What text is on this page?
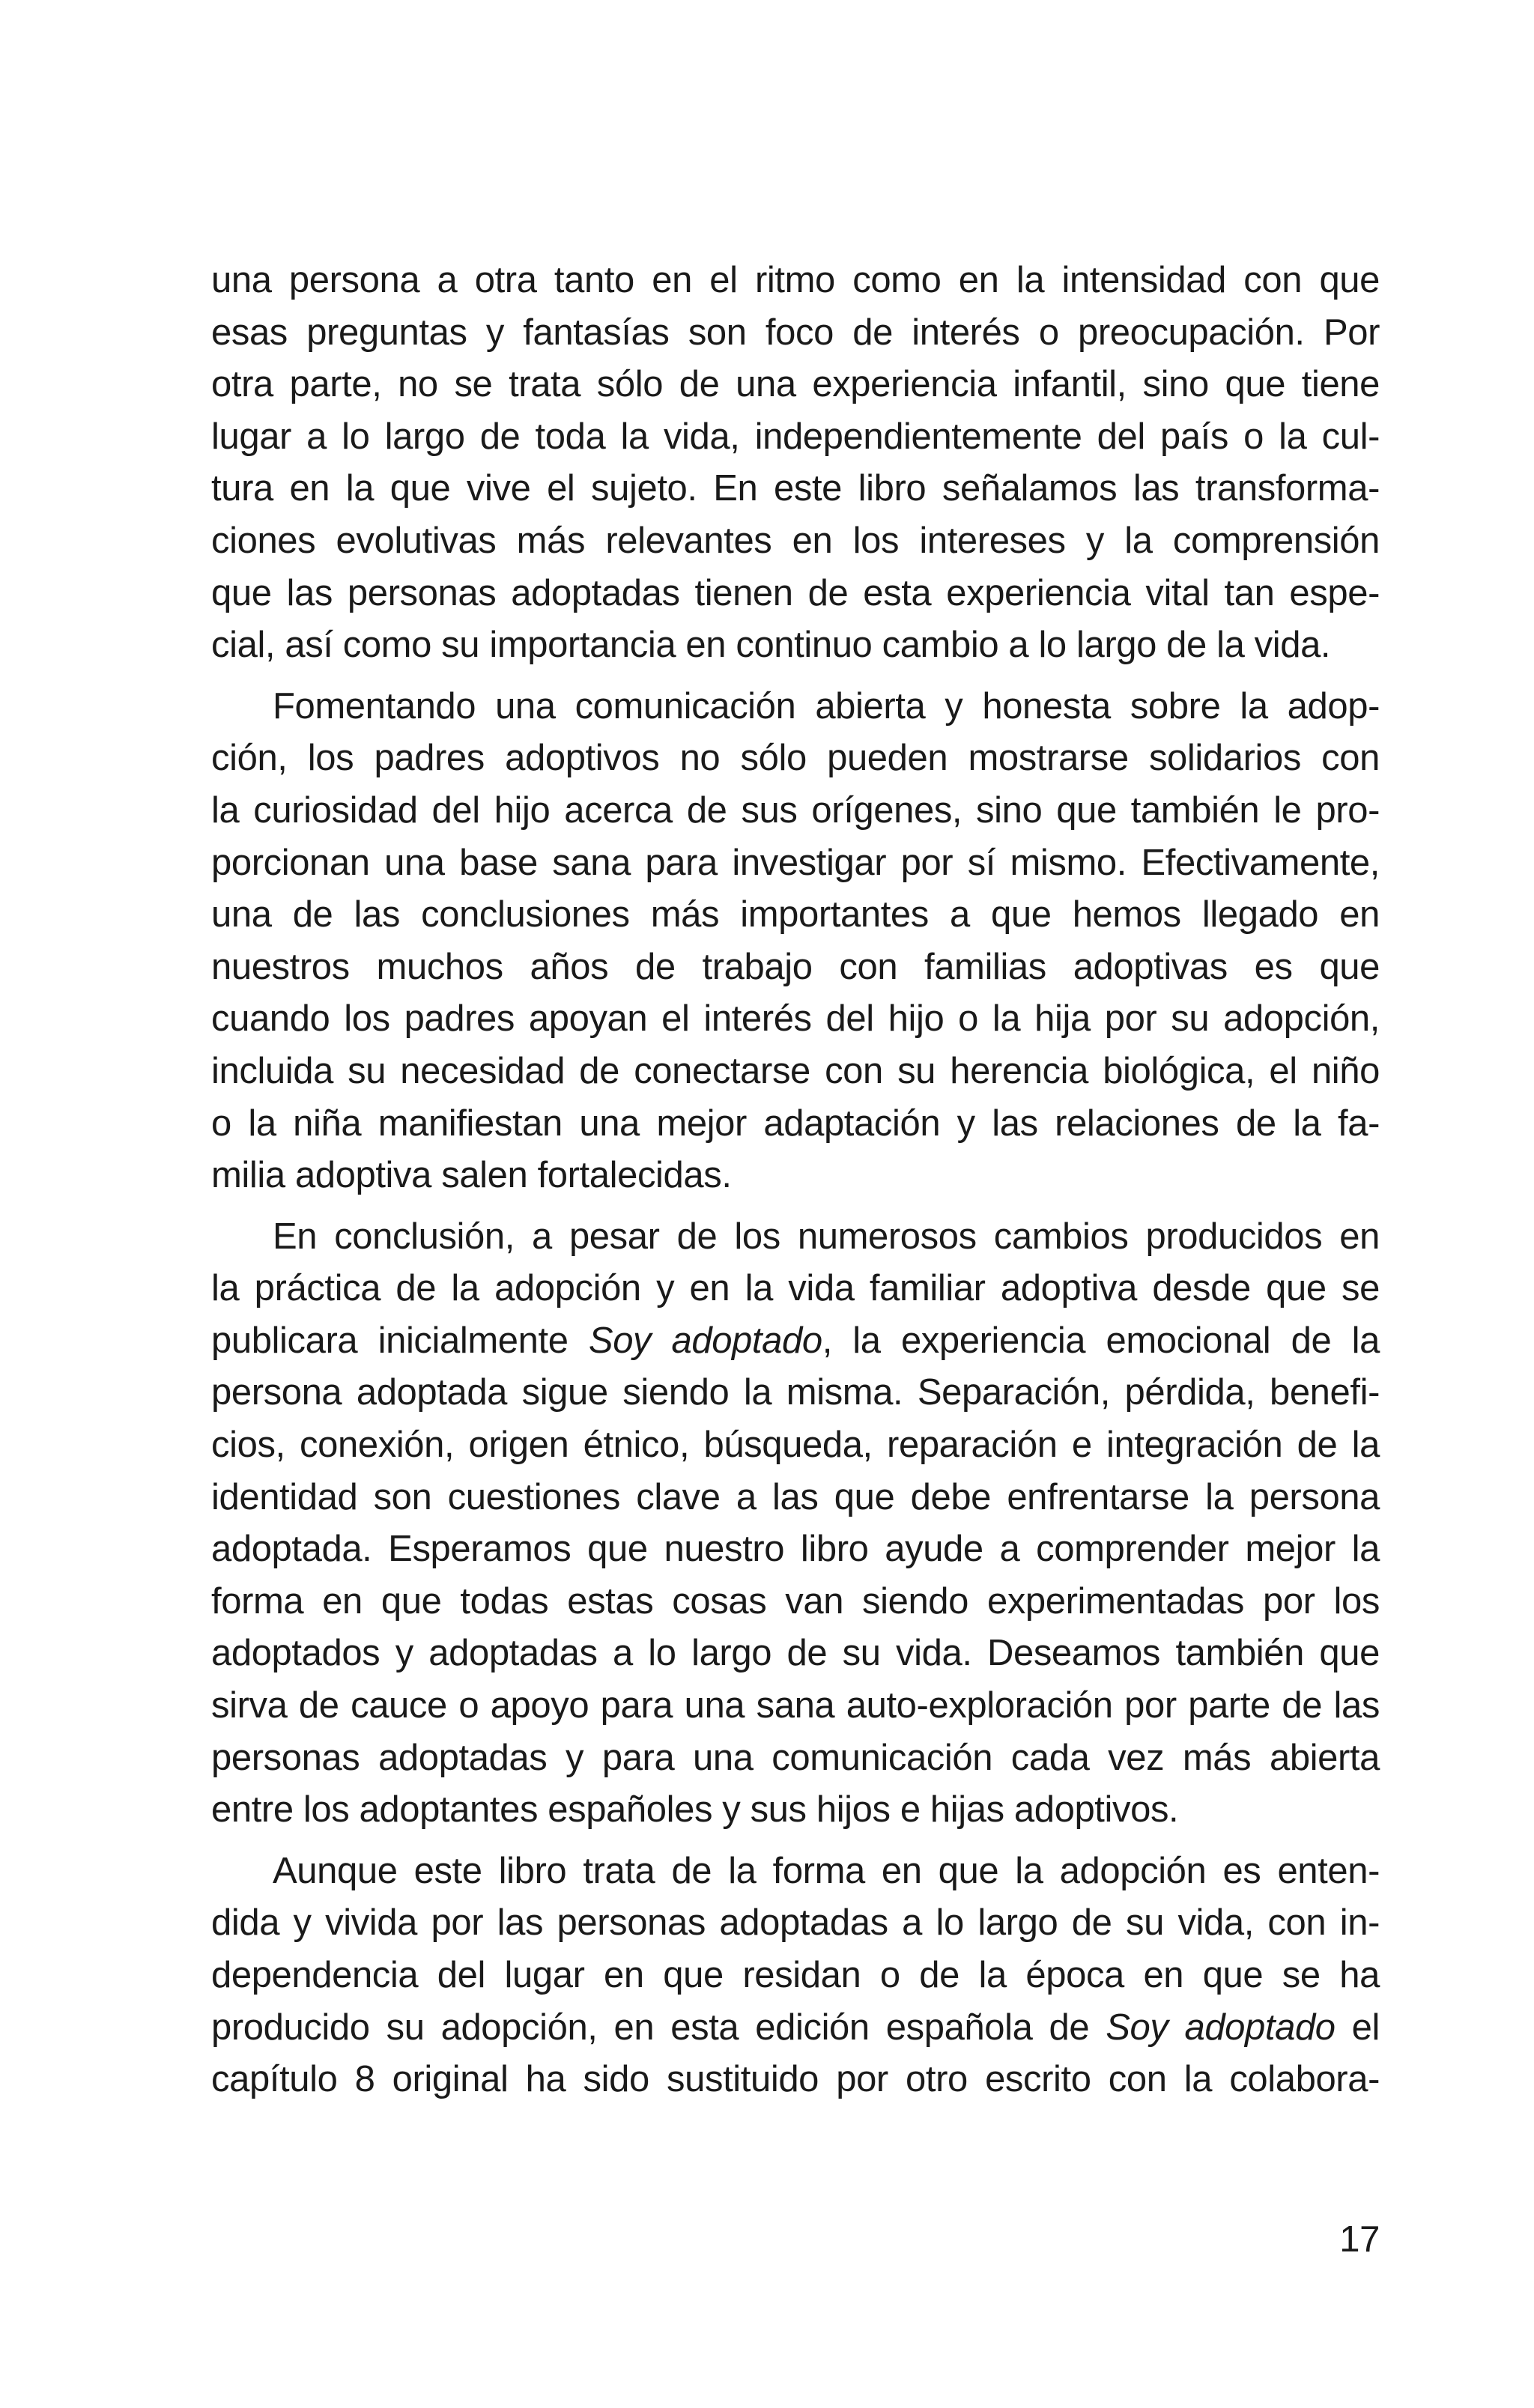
una persona a otra tanto en el ritmo como en la intensidad con que
esas preguntas y fantasías son foco de interés o preocupación. Por
otra parte, no se trata sólo de una experiencia infantil, sino que tiene
lugar a lo largo de toda la vida, independientemente del país o la cul-
tura en la que vive el sujeto. En este libro señalamos las transforma-
ciones evolutivas más relevantes en los intereses y la comprensión
que las personas adoptadas tienen de esta experiencia vital tan espe-
cial, así como su importancia en continuo cambio a lo largo de la vida.

Fomentando una comunicación abierta y honesta sobre la adop-
ción, los padres adoptivos no sólo pueden mostrarse solidarios con
la curiosidad del hijo acerca de sus orígenes, sino que también le pro-
porcionan una base sana para investigar por sí mismo. Efectivamente,
una de las conclusiones más importantes a que hemos llegado en
nuestros muchos años de trabajo con familias adoptivas es que
cuando los padres apoyan el interés del hijo o la hija por su adopción,
incluida su necesidad de conectarse con su herencia biológica, el niño
o la niña manifiestan una mejor adaptación y las relaciones de la fa-
milia adoptiva salen fortalecidas.

En conclusión, a pesar de los numerosos cambios producidos en
la práctica de la adopción y en la vida familiar adoptiva desde que se
publicara inicialmente Soy adoptado, la experiencia emocional de la
persona adoptada sigue siendo la misma. Separación, pérdida, benefi-
cios, conexión, origen étnico, búsqueda, reparación e integración de la
identidad son cuestiones clave a las que debe enfrentarse la persona
adoptada. Esperamos que nuestro libro ayude a comprender mejor la
forma en que todas estas cosas van siendo experimentadas por los
adoptados y adoptadas a lo largo de su vida. Deseamos también que
sirva de cauce o apoyo para una sana auto-exploración por parte de las
personas adoptadas y para una comunicación cada vez más abierta
entre los adoptantes españoles y sus hijos e hijas adoptivos.

Aunque este libro trata de la forma en que la adopción es enten-
dida y vivida por las personas adoptadas a lo largo de su vida, con in-
dependencia del lugar en que residan o de la época en que se ha
producido su adopción, en esta edición española de Soy adoptado el
capítulo 8 original ha sido sustituido por otro escrito con la colabora-

17
